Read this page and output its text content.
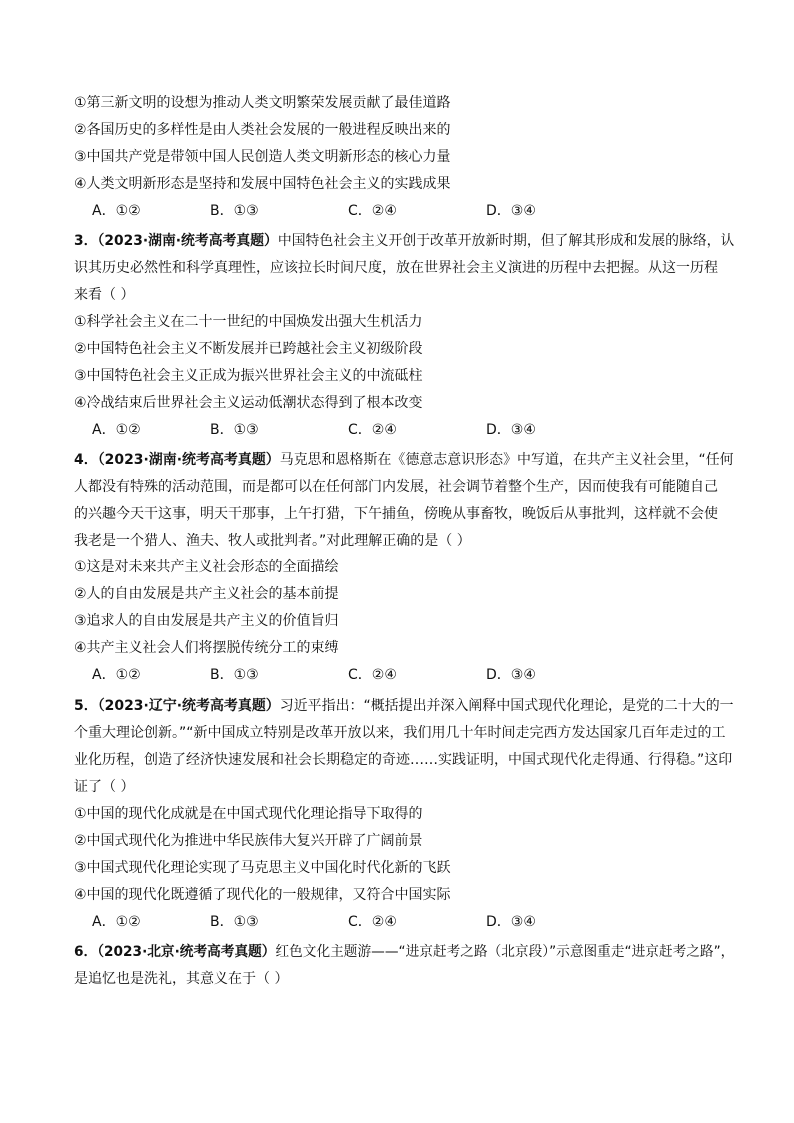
①第三新文明的设想为推动人类文明繁荣发展贡献了最佳道路
②各国历史的多样性是由人类社会发展的一般进程反映出来的
③中国共产党是带领中国人民创造人类文明新形态的核心力量
④人类文明新形态是坚持和发展中国特色社会主义的实践成果
A．①②	B．①③	C．②④	D．③④
3．（2023·湖南·统考高考真题）中国特色社会主义开创于改革开放新时期，但了解其形成和发展的脉络，认
识其历史必然性和科学真理性，应该拉长时间尺度，放在世界社会主义演进的历程中去把握。从这一历程
来看（ ）
①科学社会主义在二十一世纪的中国焕发出强大生机活力
②中国特色社会主义不断发展并已跨越社会主义初级阶段
③中国特色社会主义正成为振兴世界社会主义的中流砥柱
④冷战结束后世界社会主义运动低潮状态得到了根本改变
A．①②	B．①③	C．②④	D．③④
4．（2023·湖南·统考高考真题）马克思和恩格斯在《德意志意识形态》中写道，在共产主义社会里，“任何
人都没有特殊的活动范围，而是都可以在任何部门内发展，社会调节着整个生产，因而使我有可能随自己
的兴趣今天干这事，明天干那事，上午打猎，下午捕鱼，傍晚从事畜牧，晚饭后从事批判，这样就不会使
我老是一个猎人、渔夫、牧人或批判者。”对此理解正确的是（ ）
①这是对未来共产主义社会形态的全面描绘
②人的自由发展是共产主义社会的基本前提
③追求人的自由发展是共产主义的价值旨归
④共产主义社会人们将摆脱传统分工的束缚
A．①②	B．①③	C．②④	D．③④
5．（2023·辽宁·统考高考真题）习近平指出：“概括提出并深入阐释中国式现代化理论，是党的二十大的一
个重大理论创新。”“新中国成立特别是改革开放以来，我们用几十年时间走完西方发达国家几百年走过的工
业化历程，创造了经济快速发展和社会长期稳定的奇迹……实践证明，中国式现代化走得通、行得稳。”这印
证了（ ）
①中国的现代化成就是在中国式现代化理论指导下取得的
②中国式现代化为推进中华民族伟大复兴开辟了广阔前景
③中国式现代化理论实现了马克思主义中国化时代化新的飞跃
④中国的现代化既遵循了现代化的一般规律，又符合中国实际
A．①②	B．①③	C．②④	D．③④
6．（2023·北京·统考高考真题）红色文化主题游——“进京赶考之路（北京段）”示意图重走“进京赶考之路”，
是追忆也是洗礼，其意义在于（ ）
